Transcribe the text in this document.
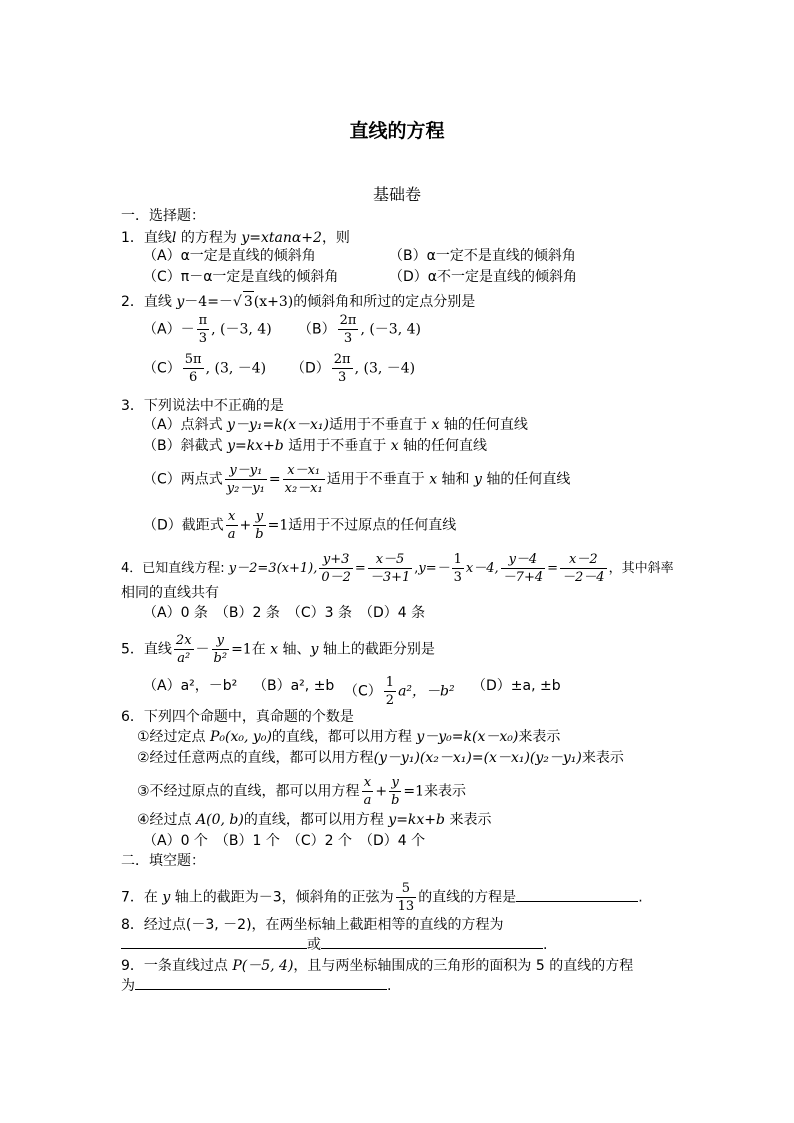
直线的方程
基础卷
一．选择题：
1．直线l 的方程为 y=xtanα+2，则
（A）α一定是直线的倾斜角	（B）α一定不是直线的倾斜角
（C）π－α一定是直线的倾斜角	（D）α不一定是直线的倾斜角
2．直线 y－4=－√ 3(x+3)的倾斜角和所过的定点分别是
$(A)- \frac{\pi}{3}$ , (－3, 4) $(B) \frac{2\pi}{3}$ , (－3, 4)
$(C) \frac{5\pi}{6}$ , (3, －4) $(D) \frac{2\pi}{3}$ , (3, －4)
3．下列说法中不正确的是
（A）点斜式 y－y₁=k(x－x₁)适用于不垂直于 x 轴的任何直线
（B）斜截式 y=kx+b 适用于不垂直于 x 轴的任何直线
（C）两点式 $\frac{\text{y－y₁}}{\text{y₂－y₁}} = \frac{\text{x－x₁}}{\text{x₂－x₁}}$ 适用于不垂直于 x 轴和 y 轴的任何直线
（D）截距式 $\frac{x}{a} + \frac{y}{b} =1$适用于不过原点的任何直线
4．已知直线方程: y－2=3(x+1), $\frac{y+3}{0-2} = \frac{x-5}{-3+1} ,y=- \frac{1}{3} x-4$, $\frac{y-4}{-7+4} = \frac{x-2}{-2-4}$ ，其中斜率
相同的直线共有
（A）0 条　（B）2 条　（C）3 条　（D）4 条
5．直线 $\frac{2x}{\text{a²}} - \frac{y}{\text{b²}} =1$在 x 轴、y 轴上的截距分别是
（A）a²，－b² （B）a², ±b $(C) \frac{1}{2} a^2$，－b² （D）±a, ±b
6．下列四个命题中，真命题的个数是
①经过定点 P₀(x₀, y₀)的直线，都可以用方程 y－y₀=k(x－x₀)来表示
②经过任意两点的直线，都可以用方程(y－y₁)(x₂－x₁)=(x－x₁)(y₂－y₁)来表示
③不经过原点的直线，都可以用方程 $\frac{x}{a} + \frac{y}{b} =1$来表示
④经过点 A(0, b)的直线，都可以用方程 y=kx+b 来表示
（A）0 个　（B）1 个　（C）2 个　（D）4 个
二．填空题：
7．在 y 轴上的截距为－3，倾斜角的正弦为 $\frac{5}{13}$ 的直线的方程是	.
8．经过点(－3, －2)，在两坐标轴上截距相等的直线的方程为
或	.
9．一条直线过点 P(－5, 4)，且与两坐标轴围成的三角形的面积为 5 的直线的方程
为	.
